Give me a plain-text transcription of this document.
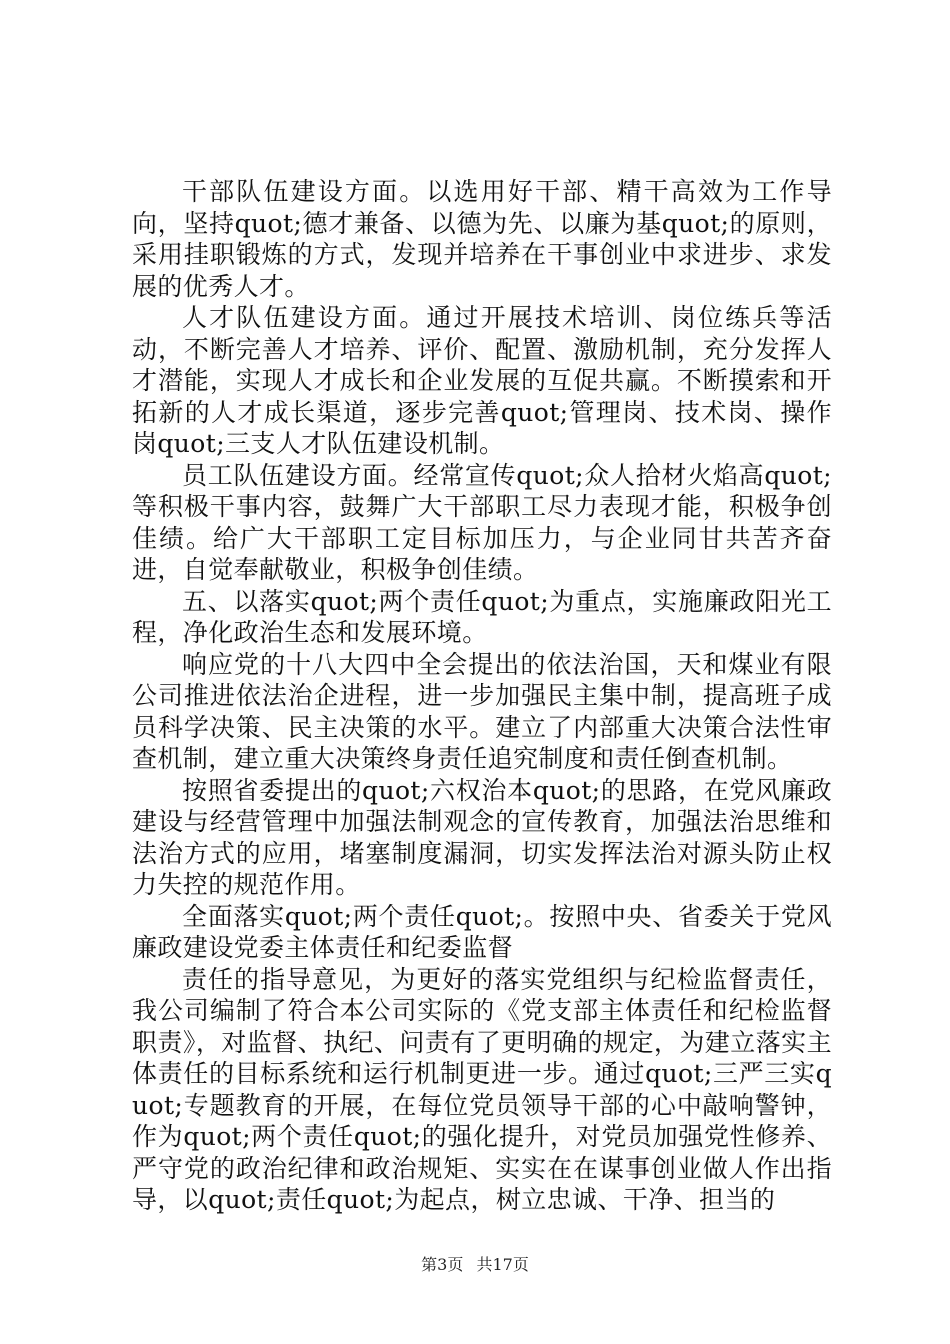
干部队伍建设方面。以选用好干部、精干高效为工作导向，坚持quot;德才兼备、以德为先、以廉为基quot;的原则，采用挂职锻炼的方式，发现并培养在干事创业中求进步、求发展的优秀人才。

人才队伍建设方面。通过开展技术培训、岗位练兵等活动，不断完善人才培养、评价、配置、激励机制，充分发挥人才潜能，实现人才成长和企业发展的互促共赢。不断摸索和开拓新的人才成长渠道，逐步完善quot;管理岗、技术岗、操作岗quot;三支人才队伍建设机制。

员工队伍建设方面。经常宣传quot;众人拾材火焰高quot;等积极干事内容，鼓舞广大干部职工尽力表现才能，积极争创佳绩。给广大干部职工定目标加压力，与企业同甘共苦齐奋进，自觉奉献敬业，积极争创佳绩。

五、以落实quot;两个责任quot;为重点，实施廉政阳光工程，净化政治生态和发展环境。

响应党的十八大四中全会提出的依法治国，天和煤业有限公司推进依法治企进程，进一步加强民主集中制，提高班子成员科学决策、民主决策的水平。建立了内部重大决策合法性审查机制，建立重大决策终身责任追究制度和责任倒查机制。

按照省委提出的quot;六权治本quot;的思路，在党风廉政建设与经营管理中加强法制观念的宣传教育，加强法治思维和法治方式的应用，堵塞制度漏洞，切实发挥法治对源头防止权力失控的规范作用。

全面落实quot;两个责任quot;。按照中央、省委关于党风廉政建设党委主体责任和纪委监督

责任的指导意见，为更好的落实党组织与纪检监督责任，我公司编制了符合本公司实际的《党支部主体责任和纪检监督职责》，对监督、执纪、问责有了更明确的规定，为建立落实主体责任的目标系统和运行机制更进一步。通过quot;三严三实quot;专题教育的开展，在每位党员领导干部的心中敲响警钟，作为quot;两个责任quot;的强化提升，对党员加强党性修养、严守党的政治纪律和政治规矩、实实在在谋事创业做人作出指导，以quot;责任quot;为起点，树立忠诚、干净、担当的

第3页 共17页
